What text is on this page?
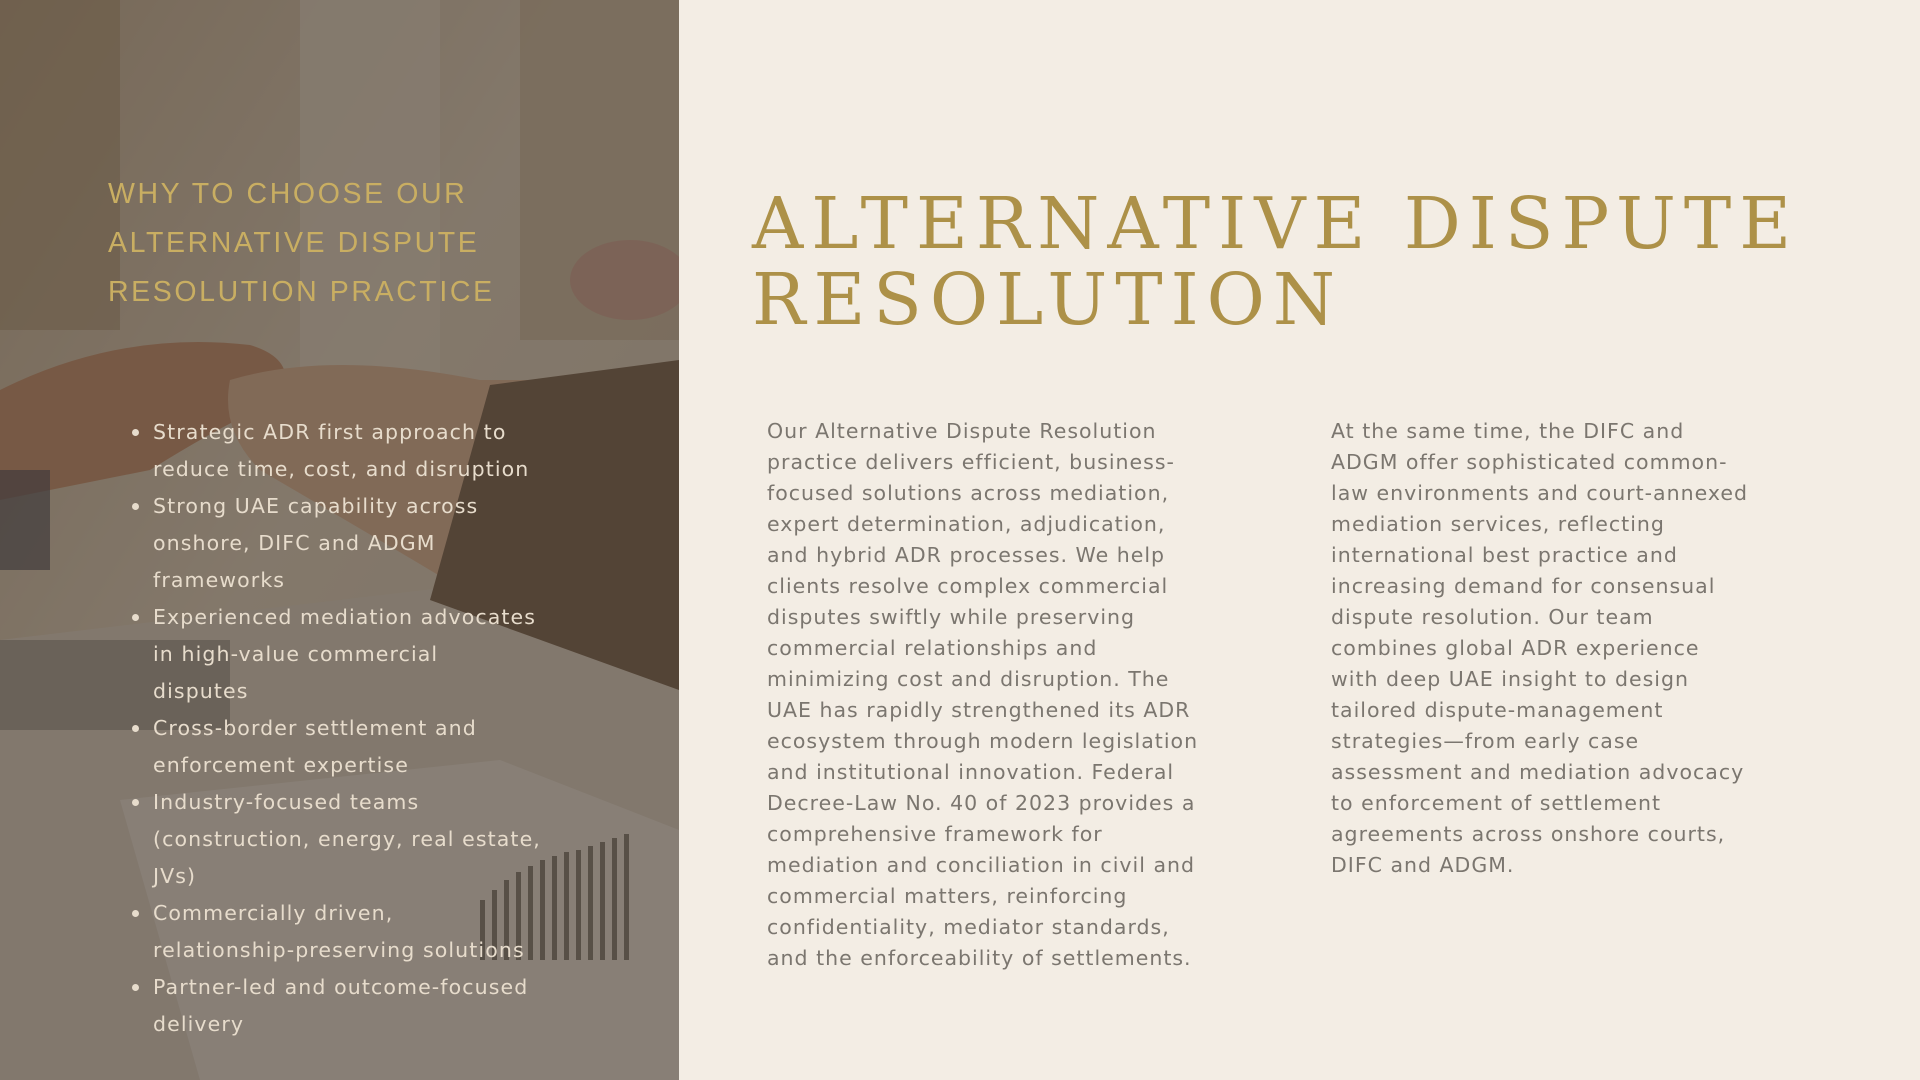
WHY TO CHOOSE OUR
ALTERNATIVE DISPUTE
RESOLUTION PRACTICE
Strategic ADR first approach to
reduce time, cost, and disruption
Strong UAE capability across
onshore, DIFC and ADGM
frameworks
Experienced mediation advocates
in high-value commercial
disputes
Cross-border settlement and
enforcement expertise
Industry-focused teams
(construction, energy, real estate,
JVs)
Commercially driven,
relationship-preserving solutions
Partner-led and outcome-focused
delivery
ALTERNATIVE DISPUTE
RESOLUTION

Our Alternative Dispute Resolution
practice delivers efficient, business-
focused solutions across mediation,
expert determination, adjudication,
and hybrid ADR processes. We help
clients resolve complex commercial
disputes swiftly while preserving
commercial relationships and
minimizing cost and disruption. The
UAE has rapidly strengthened its ADR
ecosystem through modern legislation
and institutional innovation. Federal
Decree-Law No. 40 of 2023 provides a
comprehensive framework for
mediation and conciliation in civil and
commercial matters, reinforcing
confidentiality, mediator standards,
and the enforceability of settlements.

At the same time, the DIFC and
ADGM offer sophisticated common-
law environments and court-annexed
mediation services, reflecting
international best practice and
increasing demand for consensual
dispute resolution. Our team
combines global ADR experience
with deep UAE insight to design
tailored dispute-management
strategies—from early case
assessment and mediation advocacy
to enforcement of settlement
agreements across onshore courts,
DIFC and ADGM.
